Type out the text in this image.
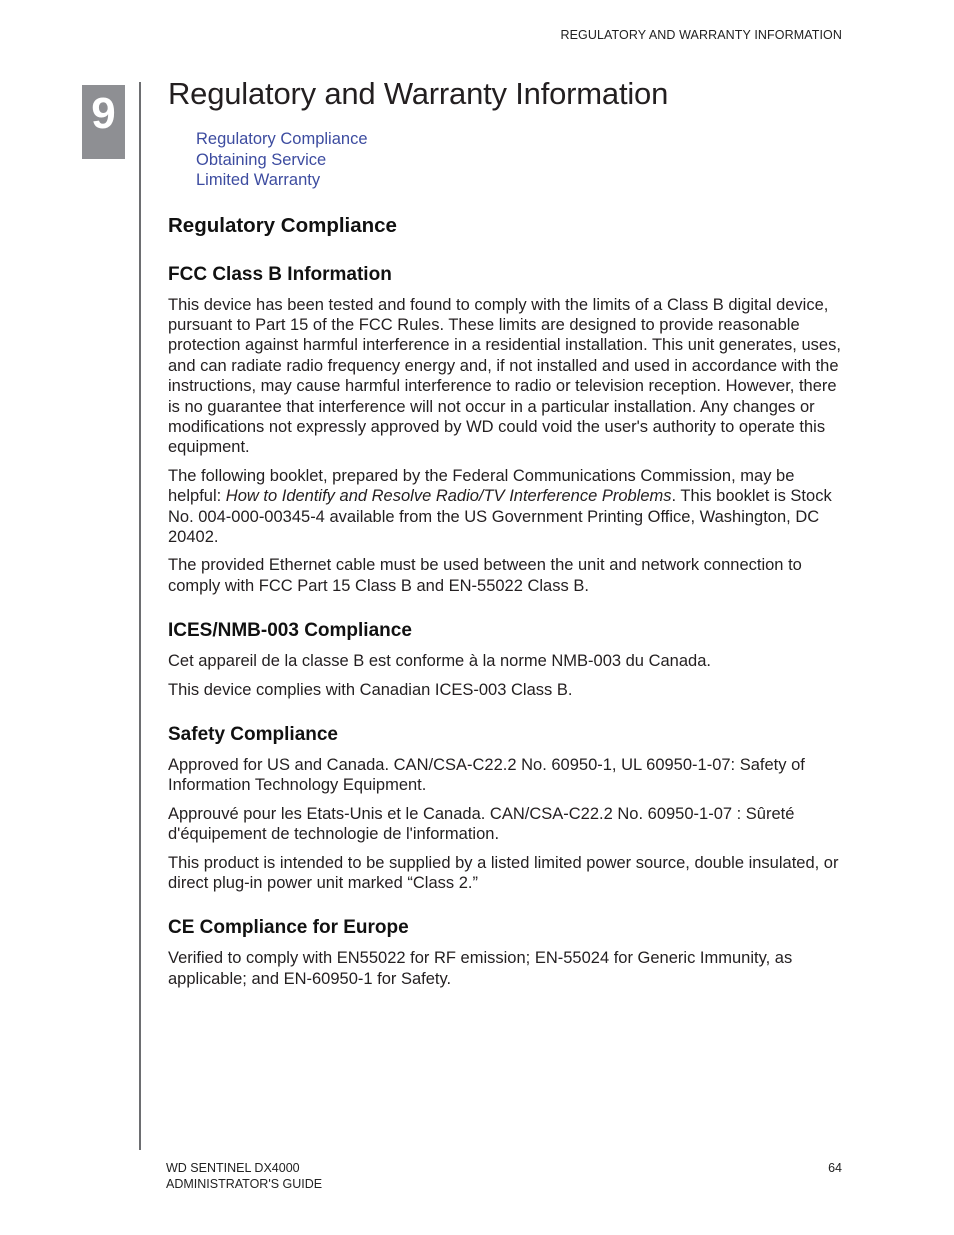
REGULATORY AND WARRANTY INFORMATION
9 Regulatory and Warranty Information
Regulatory Compliance
Obtaining Service
Limited Warranty
Regulatory Compliance
FCC Class B Information

This device has been tested and found to comply with the limits of a Class B digital device, pursuant to Part 15 of the FCC Rules. These limits are designed to provide reasonable protection against harmful interference in a residential installation. This unit generates, uses, and can radiate radio frequency energy and, if not installed and used in accordance with the instructions, may cause harmful interference to radio or television reception. However, there is no guarantee that interference will not occur in a particular installation. Any changes or modifications not expressly approved by WD could void the user's authority to operate this equipment.

The following booklet, prepared by the Federal Communications Commission, may be helpful: How to Identify and Resolve Radio/TV Interference Problems. This booklet is Stock No. 004-000-00345-4 available from the US Government Printing Office, Washington, DC 20402.

The provided Ethernet cable must be used between the unit and network connection to comply with FCC Part 15 Class B and EN-55022 Class B.

ICES/NMB-003 Compliance

Cet appareil de la classe B est conforme à la norme NMB-003 du Canada.

This device complies with Canadian ICES-003 Class B.

Safety Compliance

Approved for US and Canada. CAN/CSA-C22.2 No. 60950-1, UL 60950-1-07: Safety of Information Technology Equipment.

Approuvé pour les Etats-Unis et le Canada. CAN/CSA-C22.2 No. 60950-1-07 : Sûreté d'équipement de technologie de l'information.

This product is intended to be supplied by a listed limited power source, double insulated, or direct plug-in power unit marked “Class 2.”

CE Compliance for Europe

Verified to comply with EN55022 for RF emission; EN-55024 for Generic Immunity, as applicable; and EN-60950-1 for Safety.

WD SENTINEL DX4000
ADMINISTRATOR'S GUIDE
64
